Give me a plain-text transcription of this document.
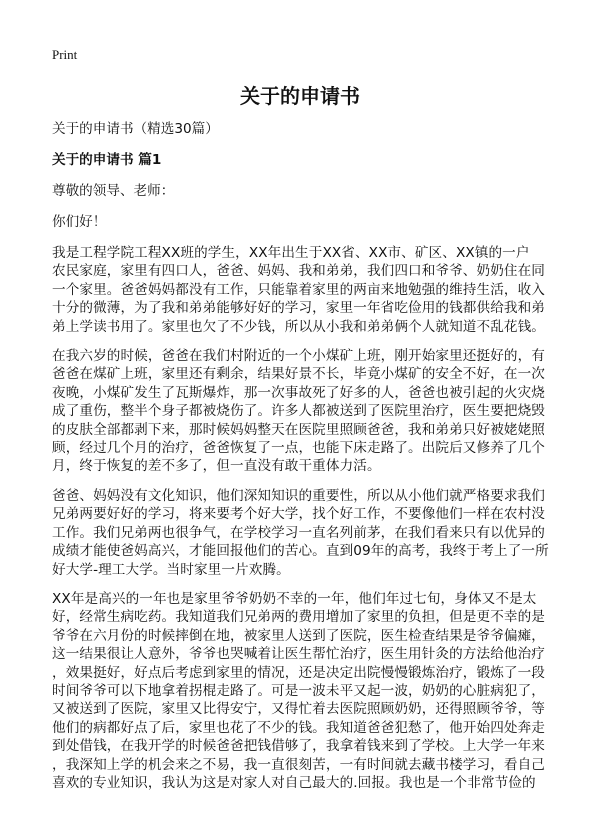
Print
关于的申请书

关于的申请书（精选30篇）

关于的申请书 篇1

尊敬的领导、老师：

你们好！

我是工程学院工程XX班的学生，XX年出生于XX省、XX市、矿区、XX镇的一户
农民家庭，家里有四口人，爸爸、妈妈、我和弟弟，我们四口和爷爷、奶奶住在同
一个家里。爸爸妈妈都没有工作，只能靠着家里的两亩来地勉强的维持生活，收入
十分的微薄，为了我和弟弟能够好好的学习，家里一年省吃俭用的钱都供给我和弟
弟上学读书用了。家里也欠了不少钱，所以从小我和弟弟俩个人就知道不乱花钱。
在我六岁的时候，爸爸在我们村附近的一个小煤矿上班，刚开始家里还挺好的，有
爸爸在煤矿上班，家里还有剩余，结果好景不长，毕竟小煤矿的安全不好，在一次
夜晚，小煤矿发生了瓦斯爆炸，那一次事故死了好多的人，爸爸也被引起的火灾烧
成了重伤，整半个身子都被烧伤了。许多人都被送到了医院里治疗，医生要把烧毁
的皮肤全部都剥下来，那时候妈妈整天在医院里照顾爸爸，我和弟弟只好被姥姥照
顾，经过几个月的治疗，爸爸恢复了一点，也能下床走路了。出院后又修养了几个
月，终于恢复的差不多了，但一直没有敢干重体力活。
爸爸、妈妈没有文化知识，他们深知知识的重要性，所以从小他们就严格要求我们
兄弟两要好好的学习，将来要考个好大学，找个好工作，不要像他们一样在农村没
工作。我们兄弟两也很争气，在学校学习一直名列前茅，在我们看来只有以优异的
成绩才能使爸妈高兴，才能回报他们的苦心。直到09年的高考，我终于考上了一所
好大学-理工大学。当时家里一片欢腾。
XX年是高兴的一年也是家里爷爷奶奶不幸的一年，他们年过七旬，身体又不是太
好，经常生病吃药。我知道我们兄弟两的费用增加了家里的负担，但是更不幸的是
爷爷在六月份的时候摔倒在地，被家里人送到了医院，医生检查结果是爷爷偏瘫，
这一结果很让人意外，爷爷也哭喊着让医生帮忙治疗，医生用针灸的方法给他治疗
，效果挺好，好点后考虑到家里的情况，还是决定出院慢慢锻炼治疗，锻炼了一段
时间爷爷可以下地拿着拐棍走路了。可是一波未平又起一波，奶奶的心脏病犯了，
又被送到了医院，家里又比得安宁，又得忙着去医院照顾奶奶，还得照顾爷爷，等
他们的病都好点了后，家里也花了不少的钱。我知道爸爸犯愁了，他开始四处奔走
到处借钱，在我开学的时候爸爸把钱借够了，我拿着钱来到了学校。上大学一年来
，我深知上学的机会来之不易，我一直很刻苦，一有时间就去藏书楼学习，看自己
喜欢的专业知识，我认为这是对家人对自己最大的.回报。我也是一个非常节俭的
